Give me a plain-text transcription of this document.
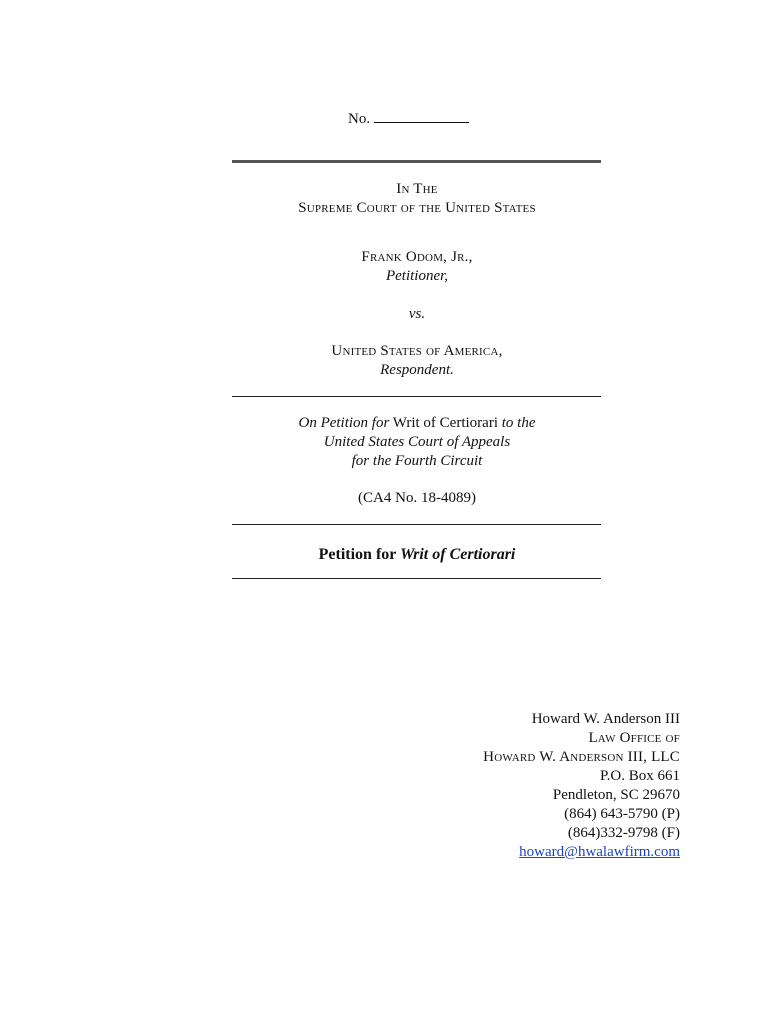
No.
In The
Supreme Court of the United States
Frank Odom, Jr.,
Petitioner,
vs.
United States of America,
Respondent.
On Petition for Writ of Certiorari to the
United States Court of Appeals
for the Fourth Circuit
(CA4 No. 18-4089)
Petition for Writ of Certiorari
Howard W. Anderson III
Law Office of
Howard W. Anderson III, LLC
P.O. Box 661
Pendleton, SC 29670
(864) 643-5790 (P)
(864)332-9798 (F)
howard@hwalawfirm.com
